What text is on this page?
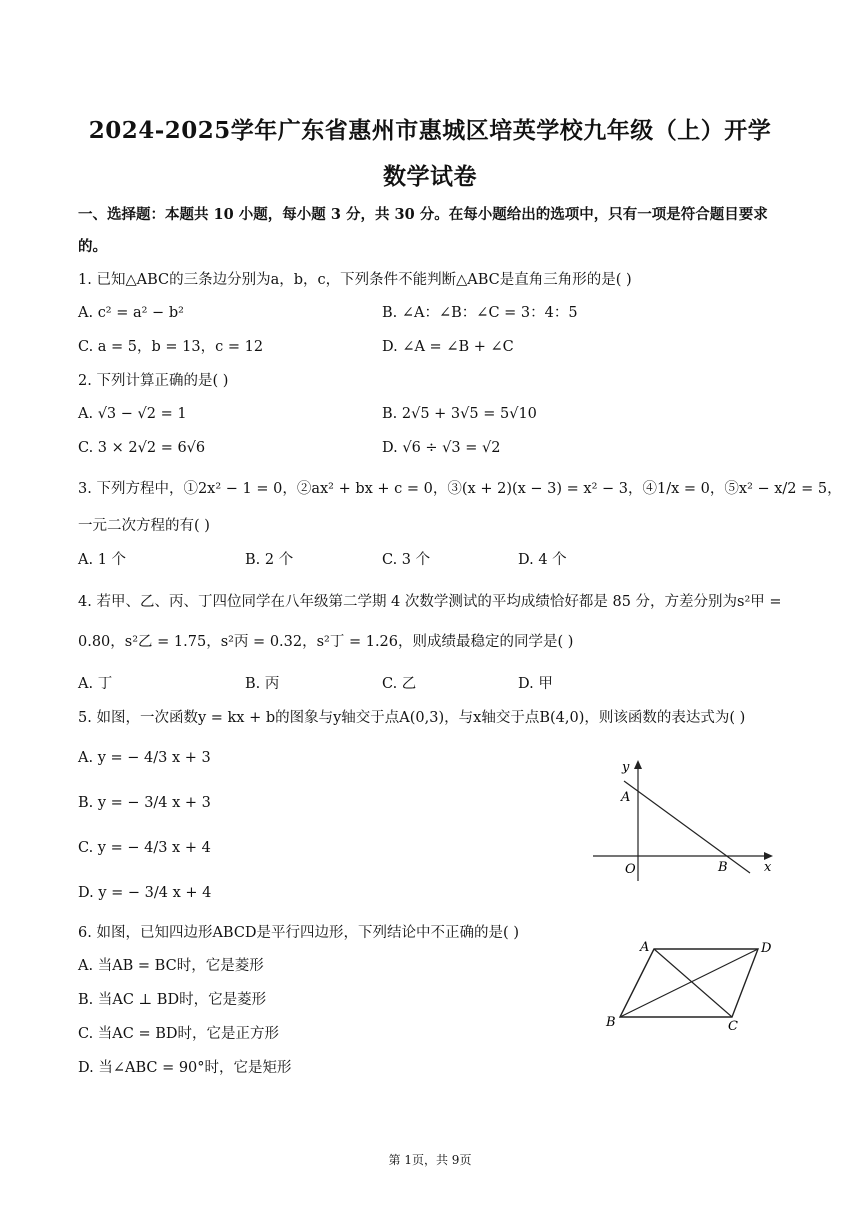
2024-2025学年广东省惠州市惠城区培英学校九年级（上）开学
数学试卷
一、选择题：本题共 10 小题，每小题 3 分，共 30 分。在每小题给出的选项中，只有一项是符合题目要求
的。
1. 已知△ABC的三条边分别为a，b，c，下列条件不能判断△ABC是直角三角形的是( )
A. c² = a² − b²	B. ∠A：∠B：∠C = 3：4：5
C. a = 5，b = 13，c = 12	D. ∠A = ∠B + ∠C
2. 下列计算正确的是( )
A. √3 − √2 = 1	B. 2√5 + 3√5 = 5√10
C. 3 × 2√2 = 6√6	D. √6 ÷ √3 = √2
3. 下列方程中，①2x² − 1 = 0，②ax² + bx + c = 0，③(x + 2)(x − 3) = x² − 3，④1/x = 0，⑤x² − x/2 = 5，
一元二次方程的有( )
A. 1 个	B. 2 个	C. 3 个	D. 4 个
4. 若甲、乙、丙、丁四位同学在八年级第二学期 4 次数学测试的平均成绩恰好都是 85 分，方差分别为s²甲 =
0.80，s²乙 = 1.75，s²丙 = 0.32，s²丁 = 1.26，则成绩最稳定的同学是( )
A. 丁	B. 丙	C. 乙	D. 甲
5. 如图，一次函数y = kx + b的图象与y轴交于点A(0,3)，与x轴交于点B(4,0)，则该函数的表达式为( )
A. y = − 4/3 x + 3
B. y = − 3/4 x + 3
C. y = − 4/3 x + 4
D. y = − 3/4 x + 4
y
A
O	B	x
6. 如图，已知四边形ABCD是平行四边形，下列结论中不正确的是( )
A. 当AB = BC时，它是菱形
B. 当AC ⊥ BD时，它是菱形
C. 当AC = BD时，它是正方形
D. 当∠ABC = 90°时，它是矩形
A	D
B	C
第 1页，共 9页
